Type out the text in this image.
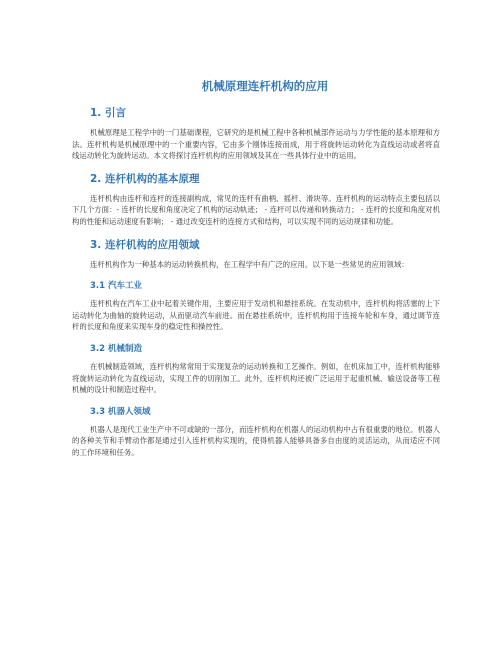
机械原理连杆机构的应用
1. 引言

机械原理是工程学中的一门基础课程，它研究的是机械工程中各种机械部件运动与力学性能的基本原理和方法。连杆机构是机械原理中的一个重要内容，它由多个刚体连接而成，用于将旋转运动转化为直线运动或者将直线运动转化为旋转运动。本文将探讨连杆机构的应用领域及其在一些具体行业中的运用。

2. 连杆机构的基本原理

连杆机构由连杆和连杆的连接副构成，常见的连杆有曲柄、摇杆、滑块等。连杆机构的运动特点主要包括以下几个方面：- 连杆的长度和角度决定了机构的运动轨迹； - 连杆可以传递和转换动力； - 连杆的长度和角度对机构的性能和运动速度有影响； - 通过改变连杆的连接方式和结构，可以实现不同的运动规律和功能。

3. 连杆机构的应用领域

连杆机构作为一种基本的运动转换机构，在工程学中有广泛的应用。以下是一些常见的应用领域：

3.1 汽车工业

连杆机构在汽车工业中起着关键作用，主要应用于发动机和悬挂系统。在发动机中，连杆机构将活塞的上下运动转化为曲轴的旋转运动，从而驱动汽车前进。而在悬挂系统中，连杆机构用于连接车轮和车身，通过调节连杆的长度和角度来实现车身的稳定性和操控性。

3.2 机械制造

在机械制造领域，连杆机构常常用于实现复杂的运动转换和工艺操作。例如，在机床加工中，连杆机构能够将旋转运动转化为直线运动，实现工件的切削加工。此外，连杆机构还被广泛运用于起重机械、输送设备等工程机械的设计和制造过程中。

3.3 机器人领域

机器人是现代工业生产中不可或缺的一部分，而连杆机构在机器人的运动机构中占有很重要的地位。机器人的各种关节和手臂动作都是通过引入连杆机构实现的，使得机器人能够具备多自由度的灵活运动，从而适应不同的工作环境和任务。
